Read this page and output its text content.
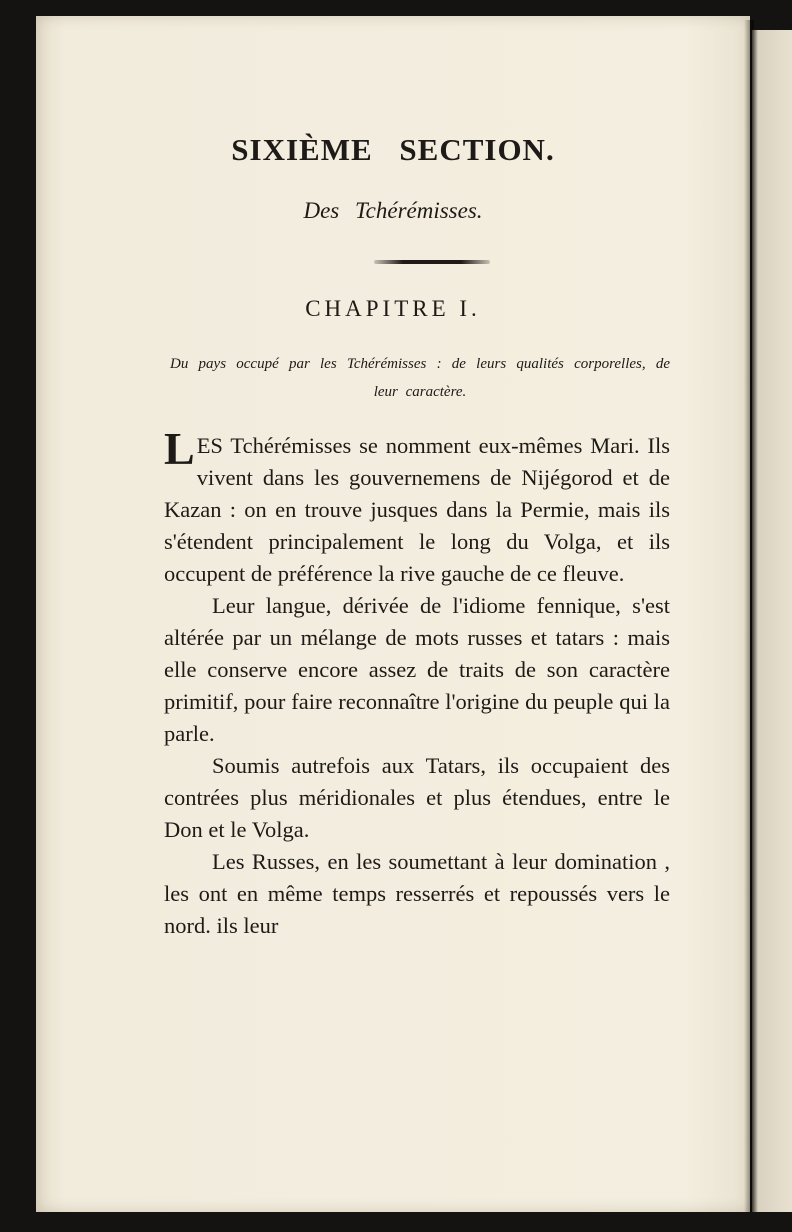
SIXIÈME SECTION.
Des Tchérémisses.
CHAPITRE I.
Du pays occupé par les Tchérémisses : de leurs qualités corporelles, de leur caractère.

LES Tchérémisses se nomment eux-mêmes Mari. Ils vivent dans les gouvernemens de Nijégorod et de Kazan : on en trouve jusques dans la Permie, mais ils s'étendent principalement le long du Volga, et ils occupent de préférence la rive gauche de ce fleuve.

Leur langue, dérivée de l'idiome fennique, s'est altérée par un mélange de mots russes et tatars : mais elle conserve encore assez de traits de son caractère primitif, pour faire reconnaître l'origine du peuple qui la parle.

Soumis autrefois aux Tatars, ils occupaient des contrées plus méridionales et plus étendues, entre le Don et le Volga.

Les Russes, en les soumettant à leur domination , les ont en même temps resserrés et repoussés vers le nord. ils leur
